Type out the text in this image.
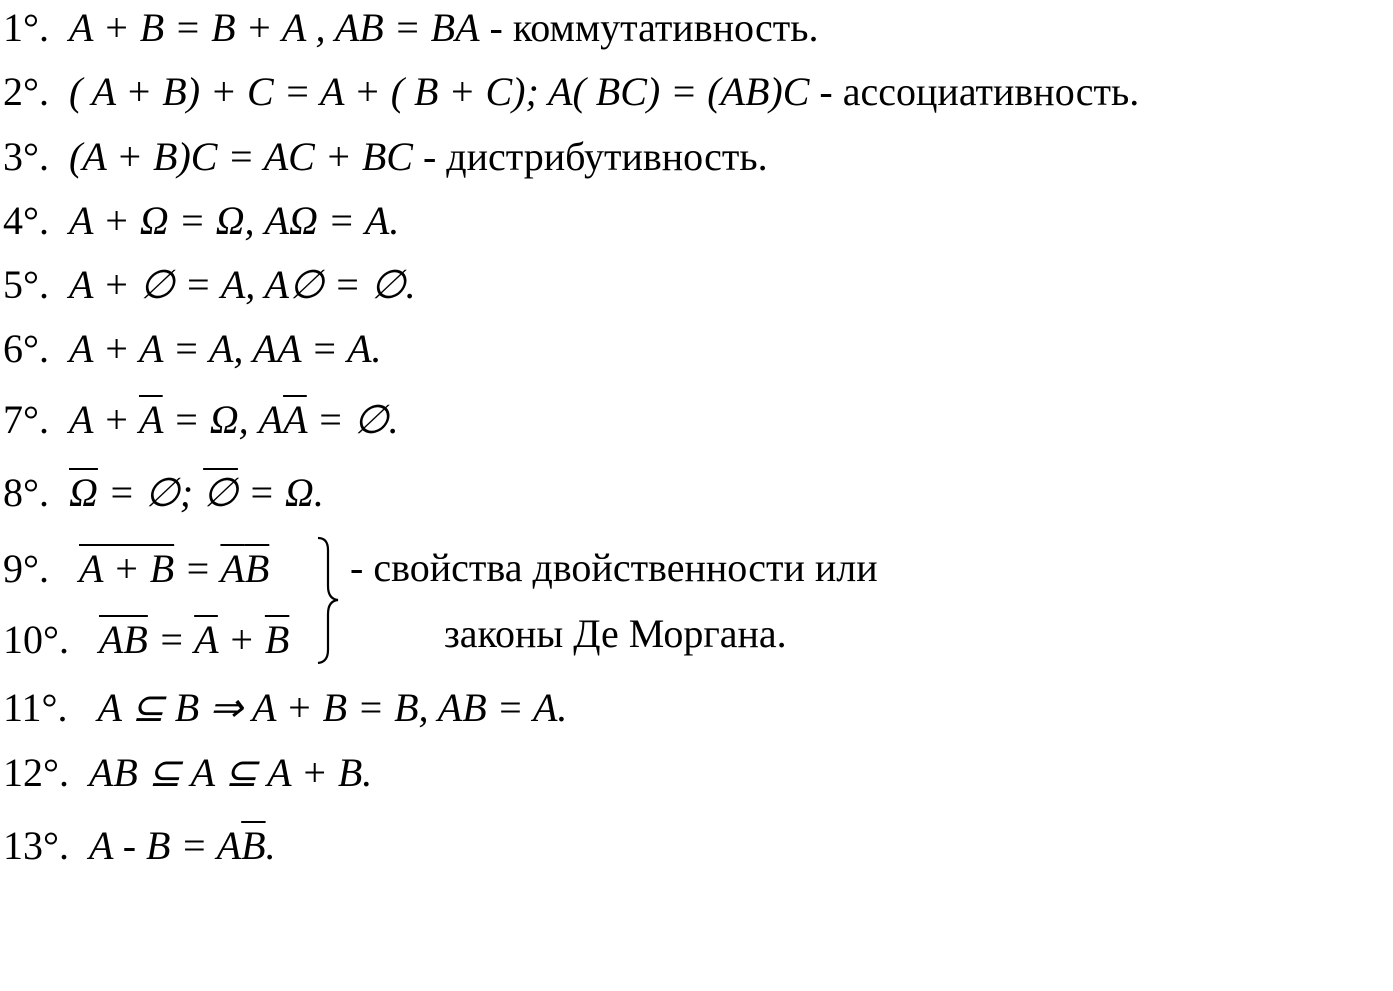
1°. A + B = B + A , AB = BA - коммутативность.
2°. ( A + B) + C = A + ( B + C); A( BC) = (AB)C - ассоциативность.
3°. (A + B)C = AC + BC - дистрибутивность.
4°. A + Ω = Ω, AΩ = A.
5°. A + ∅ = A, A∅ = ∅.
6°. A + A = A, AA = A.
7°. $A + \overline{A} = \Omega$, $A\overline{A}$ = ∅.
8°. $\overline{\Omega}$ = ∅; ∅ = Ω.
9°. $A + B = \overline{A}\overline{B}$
10°. $\overline{AB} = \overline{A} + \overline{B}$
- свойства двойственности или
законы Де Моргана.
11°. A ⊆ B ⇒ A + B = B, AB = A.
12°. AB ⊆ A ⊆ A + B.
13°.  $A - B = A\overline{B}$.
